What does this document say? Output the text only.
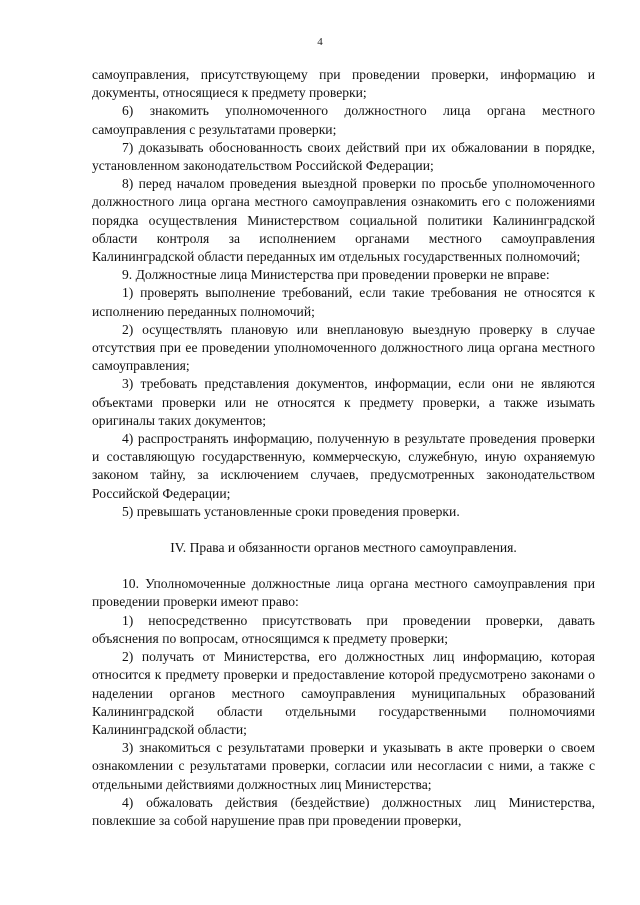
4

самоуправления, присутствующему при проведении проверки, информацию и документы, относящиеся к предмету проверки;

6) знакомить уполномоченного должностного лица органа местного самоуправления с результатами проверки;

7) доказывать обоснованность своих действий при их обжаловании в порядке, установленном законодательством Российской Федерации;

8) перед началом проведения выездной проверки по просьбе уполномоченного должностного лица органа местного самоуправления ознакомить его с положениями порядка осуществления Министерством социальной политики Калининградской области контроля за исполнением органами местного самоуправления Калининградской области переданных им отдельных государственных полномочий;

9. Должностные лица Министерства при проведении проверки не вправе:

1) проверять выполнение требований, если такие требования не относятся к исполнению переданных полномочий;

2) осуществлять плановую или внеплановую выездную проверку в случае отсутствия при ее проведении уполномоченного должностного лица органа местного самоуправления;

3) требовать представления документов, информации, если они не являются объектами проверки или не относятся к предмету проверки, а также изымать оригиналы таких документов;

4) распространять информацию, полученную в результате проведения проверки и составляющую государственную, коммерческую, служебную, иную охраняемую законом тайну, за исключением случаев, предусмотренных законодательством Российской Федерации;

5) превышать установленные сроки проведения проверки.

IV. Права и обязанности органов местного самоуправления.

10. Уполномоченные должностные лица органа местного самоуправления при проведении проверки имеют право:

1) непосредственно присутствовать при проведении проверки, давать объяснения по вопросам, относящимся к предмету проверки;

2) получать от Министерства, его должностных лиц информацию, которая относится к предмету проверки и предоставление которой предусмотрено законами о наделении органов местного самоуправления муниципальных образований Калининградской области отдельными государственными полномочиями Калининградской области;

3) знакомиться с результатами проверки и указывать в акте проверки о своем ознакомлении с результатами проверки, согласии или несогласии с ними, а также с отдельными действиями должностных лиц Министерства;

4) обжаловать действия (бездействие) должностных лиц Министерства, повлекшие за собой нарушение прав при проведении проверки,
